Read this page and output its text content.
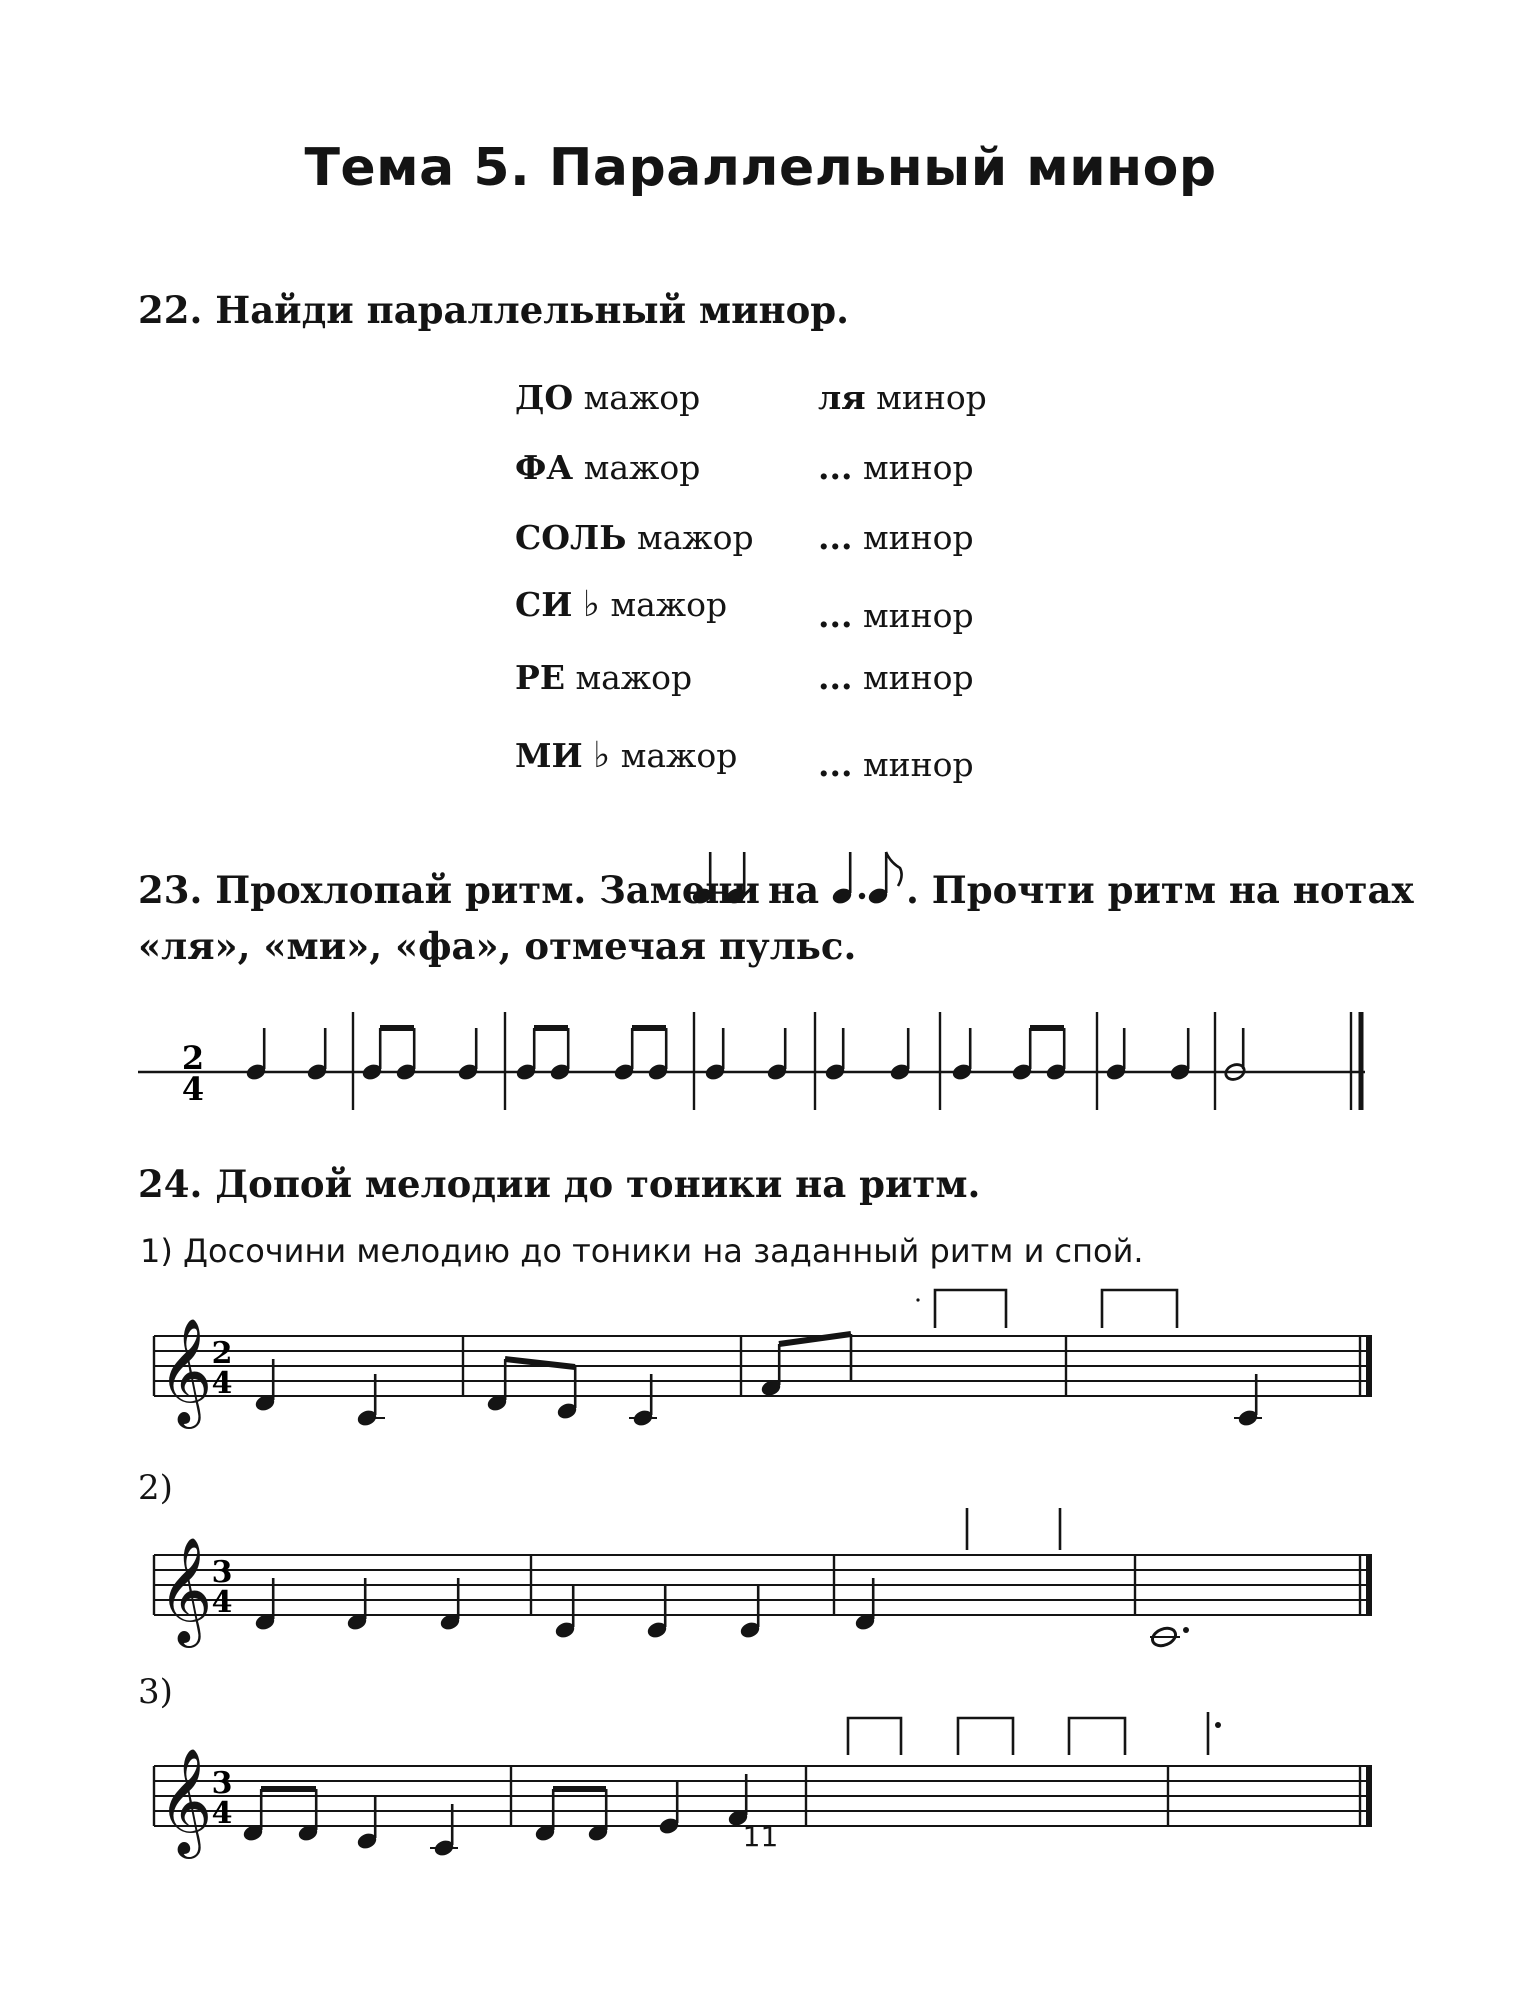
Тема 5. Параллельный минор
22. Найди параллельный минор.
ДО мажор	ля минор
ФА мажор	... минор
СОЛЬ мажор ... минор
СИ ♭ мажор	... минор
РЕ мажор	... минор
МИ ♭ мажор ... минор
23. Прохлопай ритм. Замени на . Прочти ритм на нотах
«ля», «ми», «фа», отмечая пульс.
24. Допой мелодии до тоники на ритм.
1) Досочини мелодию до тоники на заданный ритм и спой.
2)
3)
11
2
4
𝄞 2
4
𝄞 3
4
𝄞 3
4
